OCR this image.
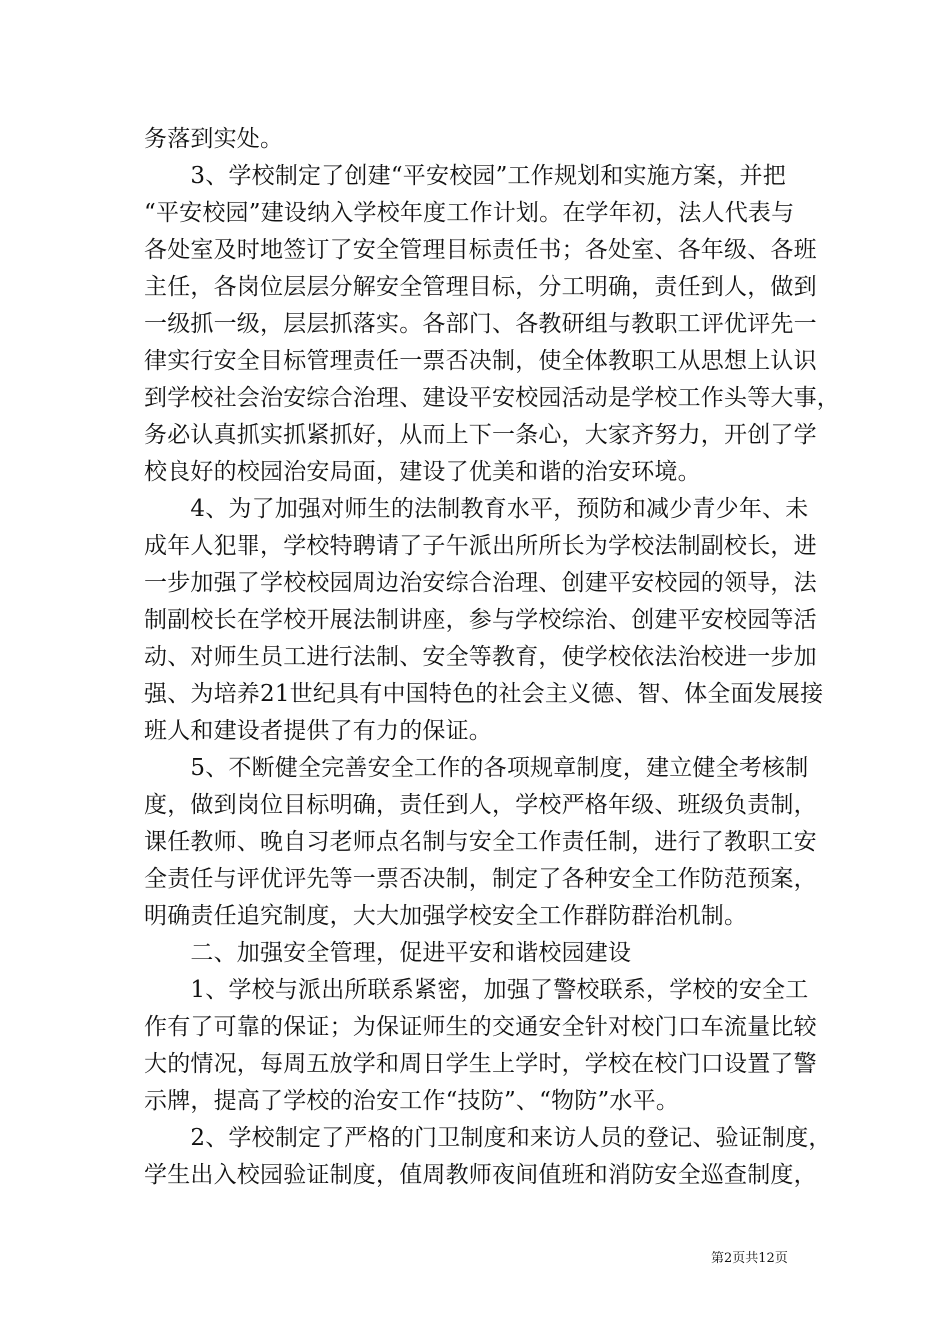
务落到实处。
　　3、学校制定了创建“平安校园”工作规划和实施方案，并把
“平安校园”建设纳入学校年度工作计划。在学年初，法人代表与
各处室及时地签订了安全管理目标责任书；各处室、各年级、各班
主任，各岗位层层分解安全管理目标，分工明确，责任到人，做到
一级抓一级，层层抓落实。各部门、各教研组与教职工评优评先一
律实行安全目标管理责任一票否决制，使全体教职工从思想上认识
到学校社会治安综合治理、建设平安校园活动是学校工作头等大事，
务必认真抓实抓紧抓好，从而上下一条心，大家齐努力，开创了学
校良好的校园治安局面，建设了优美和谐的治安环境。
　　4、为了加强对师生的法制教育水平，预防和减少青少年、未
成年人犯罪，学校特聘请了子午派出所所长为学校法制副校长，进
一步加强了学校校园周边治安综合治理、创建平安校园的领导，法
制副校长在学校开展法制讲座，参与学校综治、创建平安校园等活
动、对师生员工进行法制、安全等教育，使学校依法治校进一步加
强、为培养21世纪具有中国特色的社会主义德、智、体全面发展接
班人和建设者提供了有力的保证。
　　5、不断健全完善安全工作的各项规章制度，建立健全考核制
度，做到岗位目标明确，责任到人，学校严格年级、班级负责制，
课任教师、晚自习老师点名制与安全工作责任制，进行了教职工安
全责任与评优评先等一票否决制，制定了各种安全工作防范预案，
明确责任追究制度，大大加强学校安全工作群防群治机制。
　　二、加强安全管理，促进平安和谐校园建设
　　1、学校与派出所联系紧密，加强了警校联系，学校的安全工
作有了可靠的保证；为保证师生的交通安全针对校门口车流量比较
大的情况，每周五放学和周日学生上学时，学校在校门口设置了警
示牌，提高了学校的治安工作“技防”、“物防”水平。
　　2、学校制定了严格的门卫制度和来访人员的登记、验证制度，
学生出入校园验证制度，值周教师夜间值班和消防安全巡查制度，
第2页共12页
